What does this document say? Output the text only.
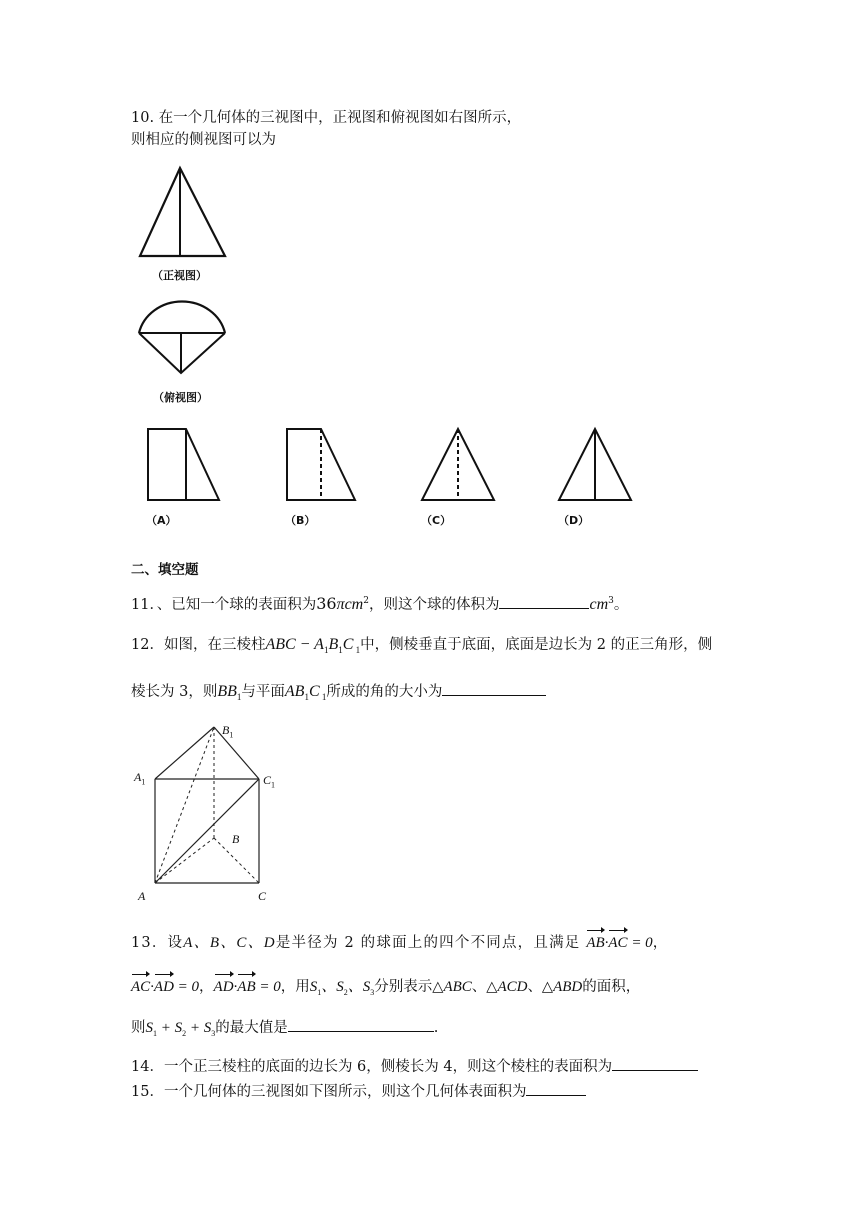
10. 在一个几何体的三视图中，正视图和俯视图如右图所示，
则相应的侧视图可以为
（正视图）
（俯视图）
（A）	（B）	（C）	（D）
二、填空题
11．、已知一个球的表面积为36πcm$^2$，则这个球的体积为	$cm^3$。
12．如图，在三棱柱ABC − $A_1B_1C$ $_1$中，侧棱垂直于底面，底面是边长为 2 的正三角形，侧
棱长为 3，则$BB_1$与平面$AB_1C$ $_1$所成的角的大小为
$B_1$
$A_1$	$C_1$
B
A	C
13．设A、B、C、D是半径为 2 的球面上的四个不同点，且满足 AB·AC = 0，
AC·AD = 0，AD·AB = 0，用$S_1$、$S_2$、$S_3$分别表示△ABC、△ACD、△ABD的面积，
则$S_1 + S_2 + S_3$的最大值是	.
14．一个正三棱柱的底面的边长为 6，侧棱长为 4，则这个棱柱的表面积为
15．一个几何体的三视图如下图所示，则这个几何体表面积为
